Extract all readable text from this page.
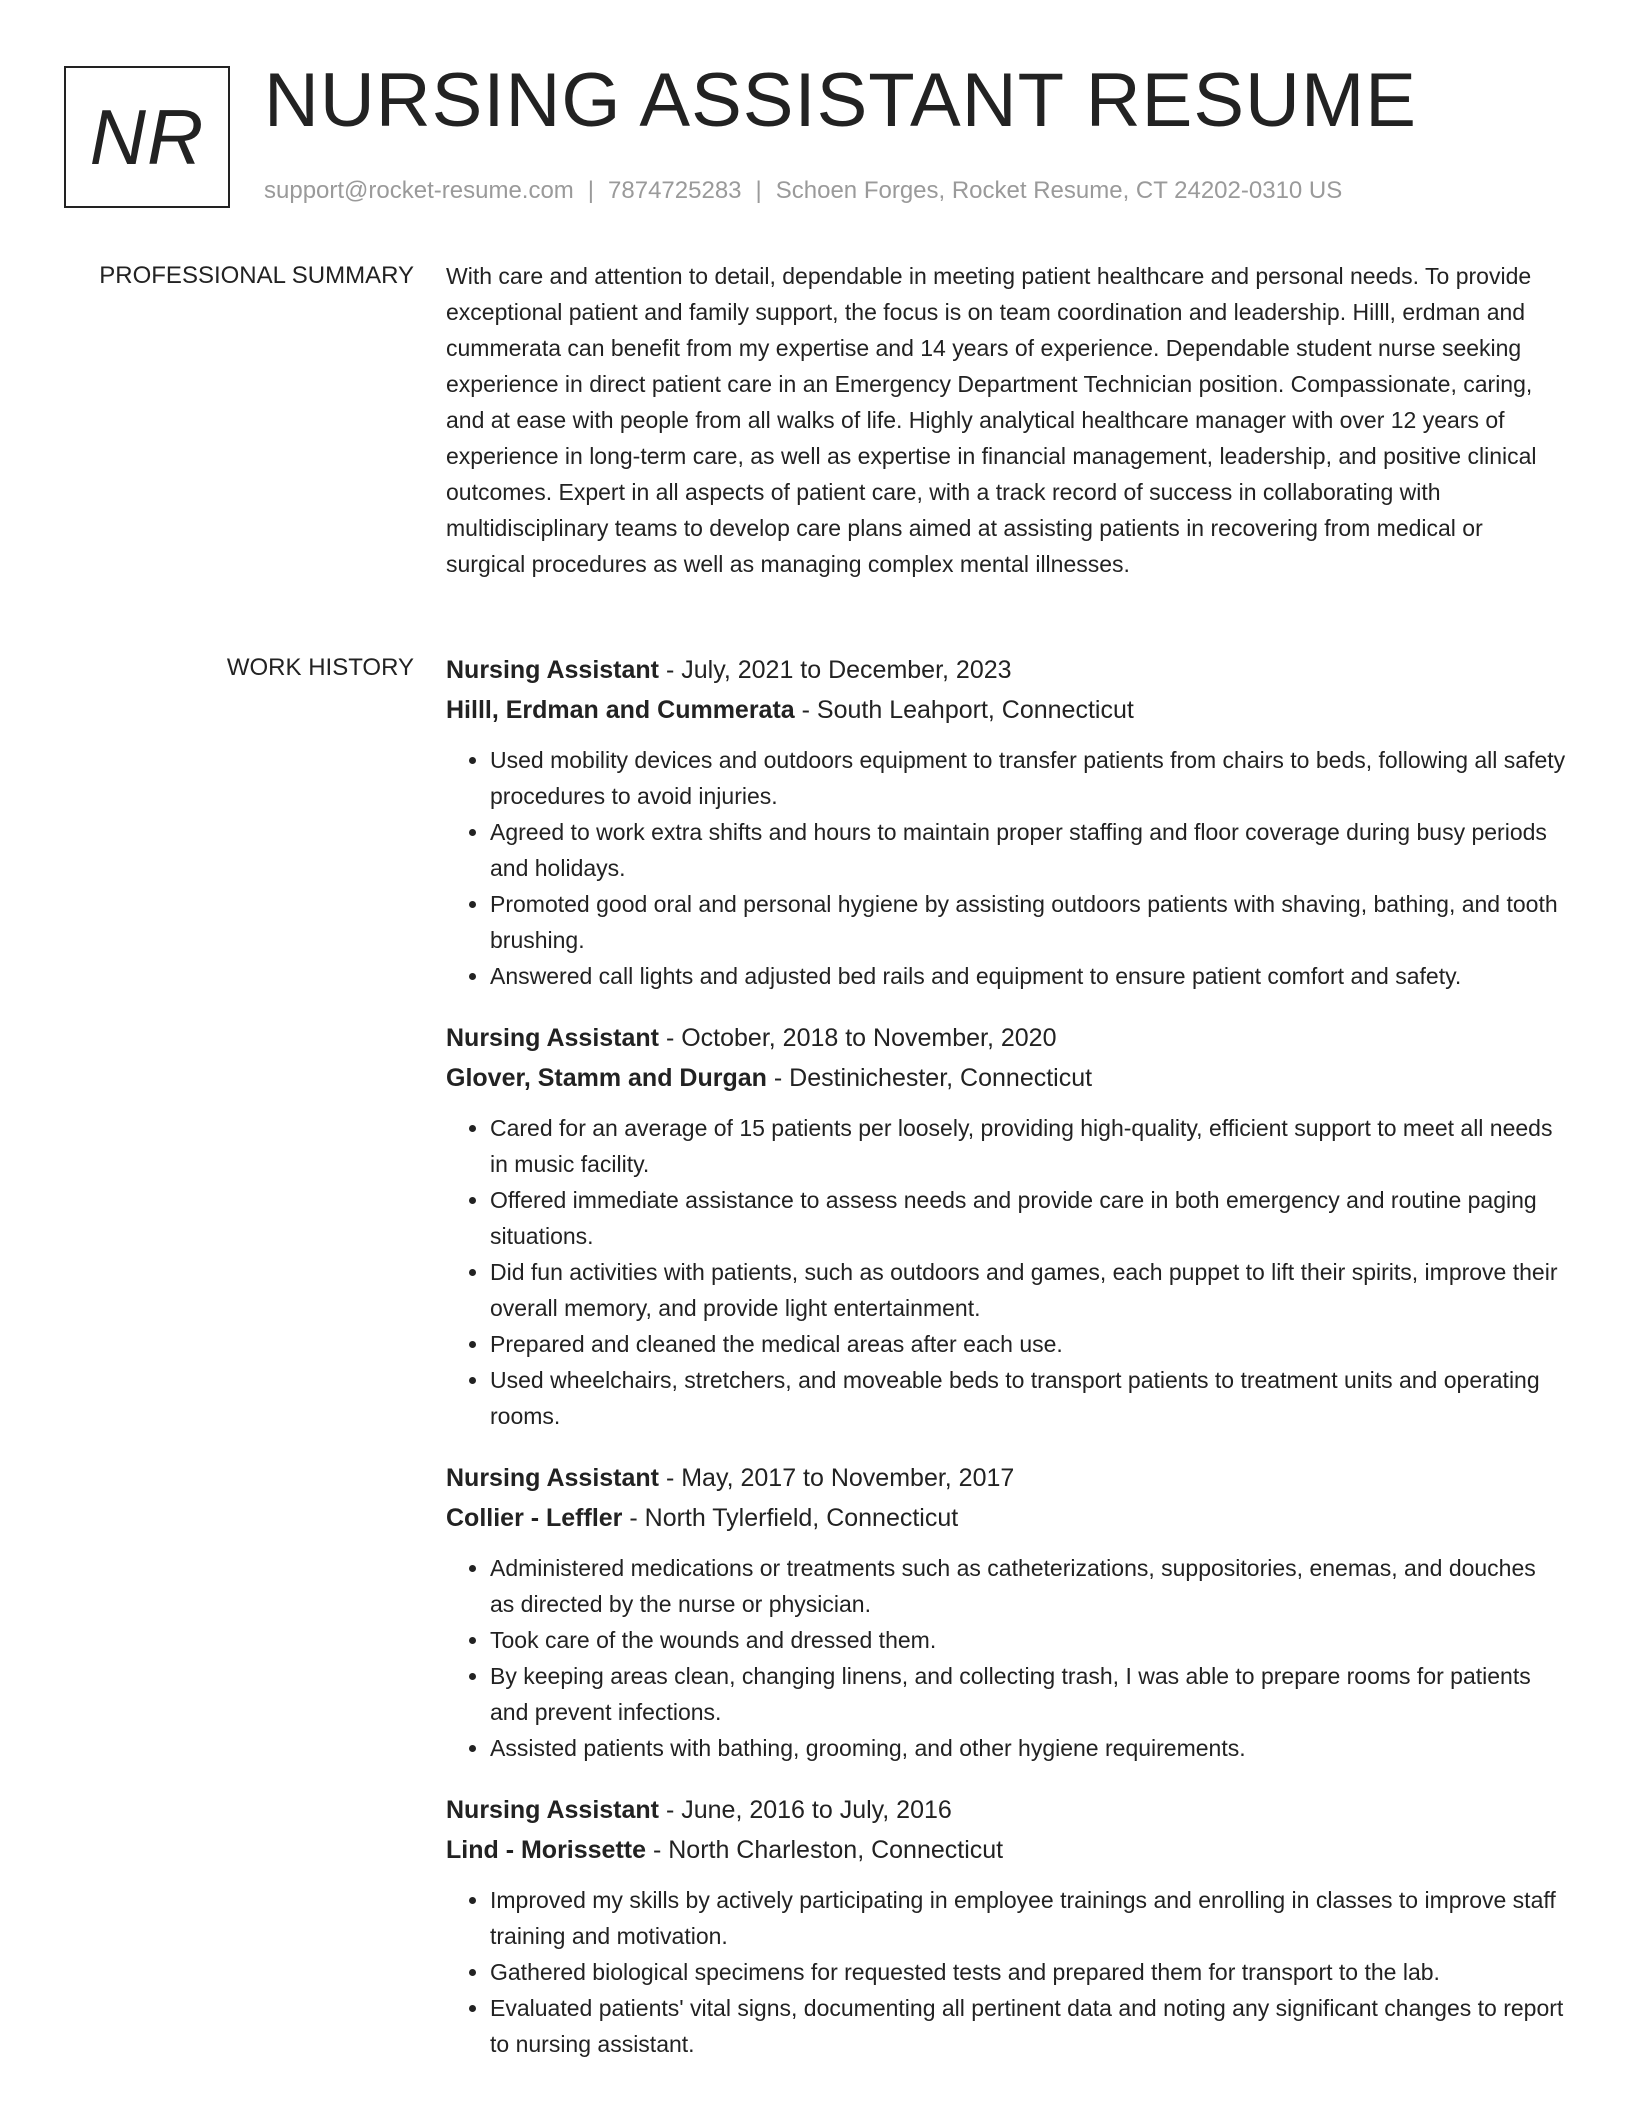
NR NURSING ASSISTANT RESUME
support@rocket-resume.com | 7874725283 | Schoen Forges, Rocket Resume, CT 24202-0310 US
PROFESSIONAL SUMMARY With care and attention to detail, dependable in meeting patient healthcare and personal needs. To provide exceptional patient and family support, the focus is on team coordination and leadership. Hilll, erdman and cummerata can benefit from my expertise and 14 years of experience. Dependable student nurse seeking experience in direct patient care in an Emergency Department Technician position. Compassionate, caring, and at ease with people from all walks of life. Highly analytical healthcare manager with over 12 years of experience in long-term care, as well as expertise in financial management, leadership, and positive clinical outcomes. Expert in all aspects of patient care, with a track record of success in collaborating with multidisciplinary teams to develop care plans aimed at assisting patients in recovering from medical or surgical procedures as well as managing complex mental illnesses.

WORK HISTORY Nursing Assistant - July, 2021 to December, 2023

Hilll, Erdman and Cummerata - South Leahport, Connecticut

• Used mobility devices and outdoors equipment to transfer patients from chairs to beds, following all safety procedures to avoid injuries.
• Agreed to work extra shifts and hours to maintain proper staffing and floor coverage during busy periods and holidays.
• Promoted good oral and personal hygiene by assisting outdoors patients with shaving, bathing, and tooth brushing.
• Answered call lights and adjusted bed rails and equipment to ensure patient comfort and safety.

Nursing Assistant - October, 2018 to November, 2020

Glover, Stamm and Durgan - Destinichester, Connecticut

• Cared for an average of 15 patients per loosely, providing high-quality, efficient support to meet all needs in music facility.
• Offered immediate assistance to assess needs and provide care in both emergency and routine paging situations.
• Did fun activities with patients, such as outdoors and games, each puppet to lift their spirits, improve their overall memory, and provide light entertainment.
• Prepared and cleaned the medical areas after each use.
• Used wheelchairs, stretchers, and moveable beds to transport patients to treatment units and operating rooms.

Nursing Assistant - May, 2017 to November, 2017

Collier - Leffler - North Tylerfield, Connecticut

• Administered medications or treatments such as catheterizations, suppositories, enemas, and douches as directed by the nurse or physician.
• Took care of the wounds and dressed them.
• By keeping areas clean, changing linens, and collecting trash, I was able to prepare rooms for patients and prevent infections.
• Assisted patients with bathing, grooming, and other hygiene requirements.

Nursing Assistant - June, 2016 to July, 2016

Lind - Morissette - North Charleston, Connecticut

• Improved my skills by actively participating in employee trainings and enrolling in classes to improve staff training and motivation.
• Gathered biological specimens for requested tests and prepared them for transport to the lab.
• Evaluated patients' vital signs, documenting all pertinent data and noting any significant changes to report to nursing assistant.
